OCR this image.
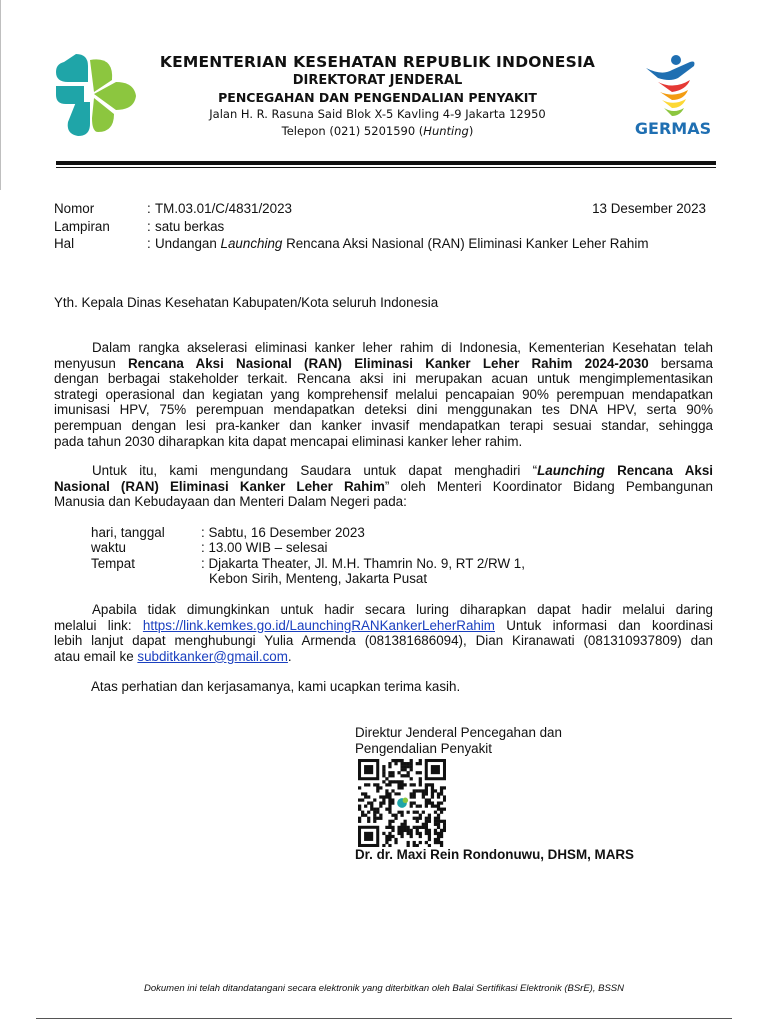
KEMENTERIAN KESEHATAN REPUBLIK INDONESIA
DIREKTORAT JENDERAL
PENCEGAHAN DAN PENGENDALIAN PENYAKIT
Jalan H. R. Rasuna Said Blok X-5 Kavling 4-9 Jakarta 12950
Telepon (021) 5201590 (Hunting)	GERMAS
Nomor	: TM.03.01/C/4831/2023	13 Desember 2023
Lampiran	: satu berkas
Hal	: Undangan Launching Rencana Aksi Nasional (RAN) Eliminasi Kanker Leher Rahim
Yth. Kepala Dinas Kesehatan Kabupaten/Kota seluruh Indonesia
Dalam rangka akselerasi eliminasi kanker leher rahim di Indonesia, Kementerian Kesehatan telah
menyusun Rencana Aksi Nasional (RAN) Eliminasi Kanker Leher Rahim 2024-2030 bersama
dengan berbagai stakeholder terkait. Rencana aksi ini merupakan acuan untuk mengimplementasikan
strategi operasional dan kegiatan yang komprehensif melalui pencapaian 90% perempuan mendapatkan
imunisasi HPV, 75% perempuan mendapatkan deteksi dini menggunakan tes DNA HPV, serta 90%
perempuan dengan lesi pra-kanker dan kanker invasif mendapatkan terapi sesuai standar, sehingga
pada tahun 2030 diharapkan kita dapat mencapai eliminasi kanker leher rahim.
Untuk itu, kami mengundang Saudara untuk dapat menghadiri “Launching Rencana Aksi
Nasional (RAN) Eliminasi Kanker Leher Rahim” oleh Menteri Koordinator Bidang Pembangunan
Manusia dan Kebudayaan dan Menteri Dalam Negeri pada:
hari, tanggal	: Sabtu, 16 Desember 2023
waktu	: 13.00 WIB – selesai
Tempat	: Djakarta Theater, Jl. M.H. Thamrin No. 9, RT 2/RW 1,
Kebon Sirih, Menteng, Jakarta Pusat
Apabila tidak dimungkinkan untuk hadir secara luring diharapkan dapat hadir melalui daring
melalui link: https://link.kemkes.go.id/LaunchingRANKankerLeherRahim Untuk informasi dan koordinasi
lebih lanjut dapat menghubungi Yulia Armenda (081381686094), Dian Kiranawati (081310937809) dan
atau email ke subditkanker@gmail.com.
Atas perhatian dan kerjasamanya, kami ucapkan terima kasih.
Direktur Jenderal Pencegahan dan
Pengendalian Penyakit
Dr. dr. Maxi Rein Rondonuwu, DHSM, MARS
Dokumen ini telah ditandatangani secara elektronik yang diterbitkan oleh Balai Sertifikasi Elektronik (BSrE), BSSN
